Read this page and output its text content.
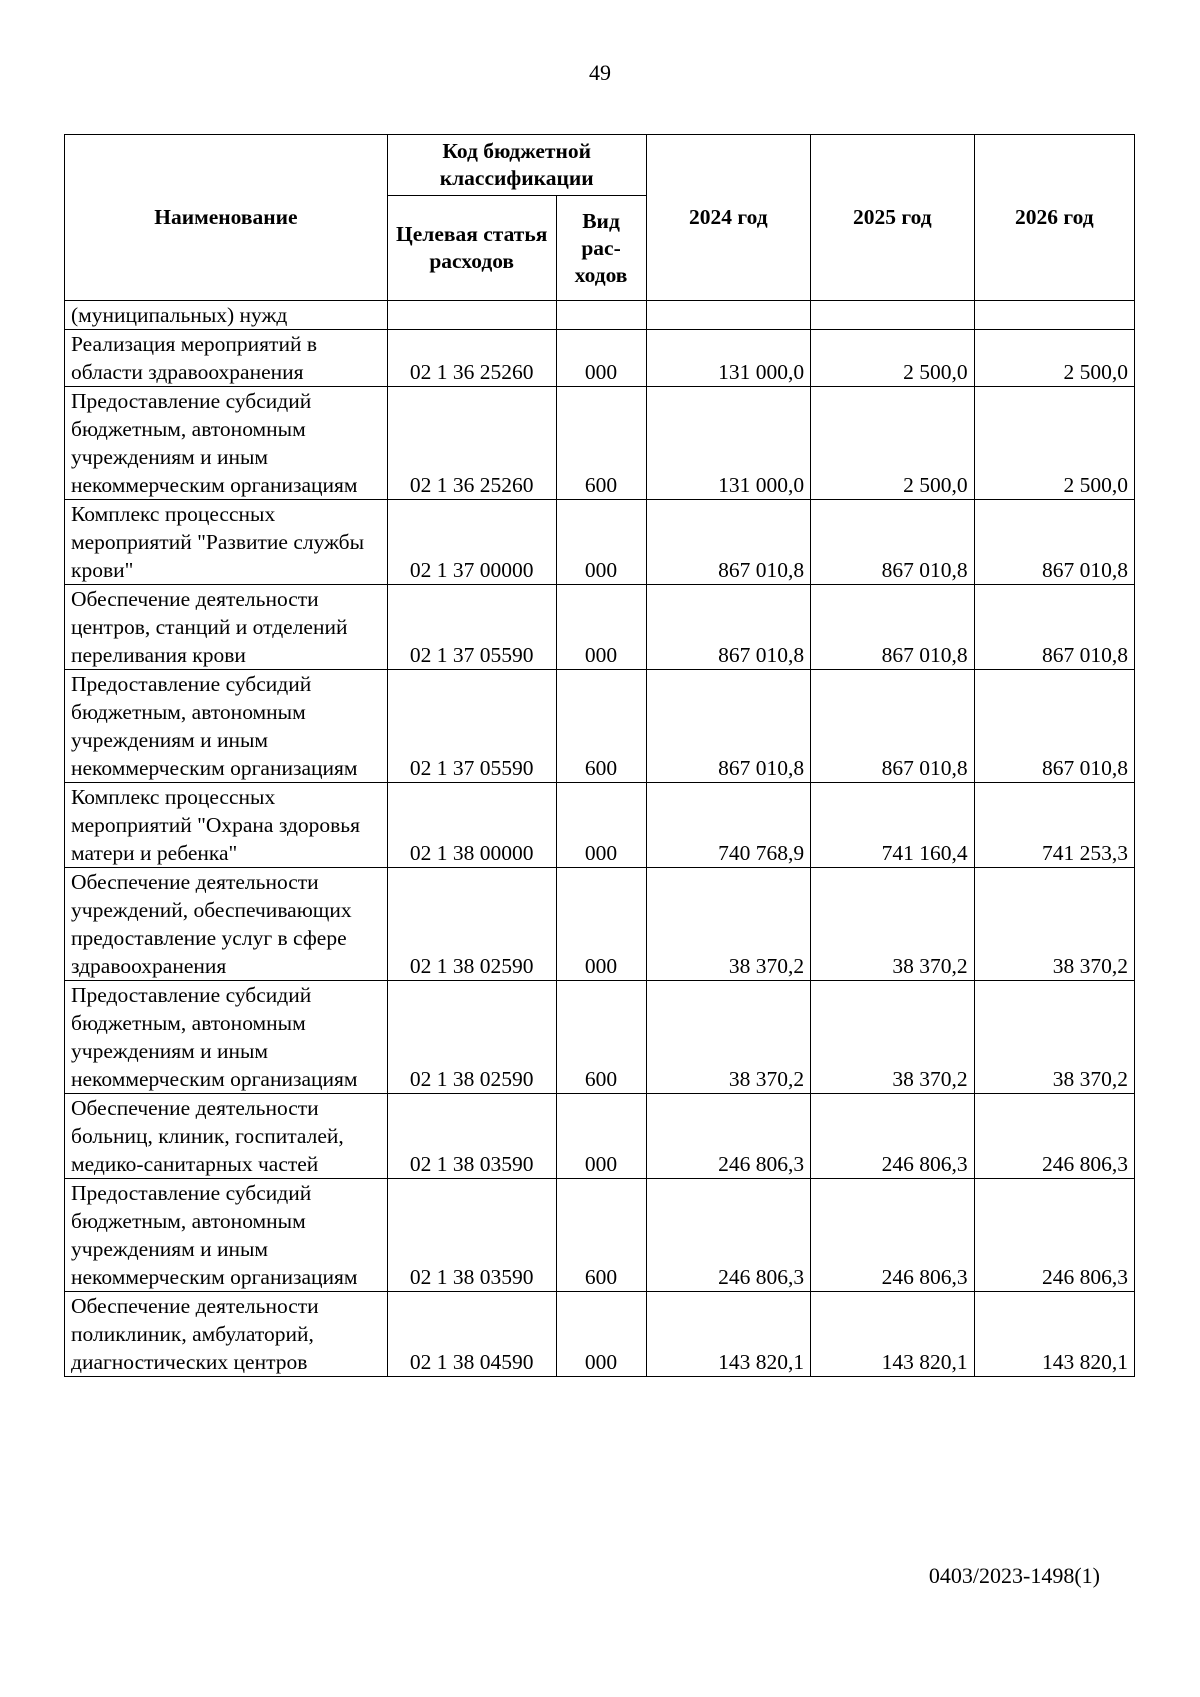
49
Наименование	Код бюджетной классификации		2024 год	2025 год	2026 год
	Целевая статья расходов	Вид рас-ходов			
(муниципальных) нужд					
Реализация мероприятий в области здравоохранения	02 1 36 25260	000	131 000,0	2 500,0	2 500,0
Предоставление субсидий бюджетным, автономным учреждениям и иным некоммерческим организациям	02 1 36 25260	600	131 000,0	2 500,0	2 500,0
Комплекс процессных мероприятий "Развитие службы крови"	02 1 37 00000	000	867 010,8	867 010,8	867 010,8
Обеспечение деятельности центров, станций и отделений переливания крови	02 1 37 05590	000	867 010,8	867 010,8	867 010,8
Предоставление субсидий бюджетным, автономным учреждениям и иным некоммерческим организациям	02 1 37 05590	600	867 010,8	867 010,8	867 010,8
Комплекс процессных мероприятий "Охрана здоровья матери и ребенка"	02 1 38 00000	000	740 768,9	741 160,4	741 253,3
Обеспечение деятельности учреждений, обеспечивающих предоставление услуг в сфере здравоохранения	02 1 38 02590	000	38 370,2	38 370,2	38 370,2
Предоставление субсидий бюджетным, автономным учреждениям и иным некоммерческим организациям	02 1 38 02590	600	38 370,2	38 370,2	38 370,2
Обеспечение деятельности больниц, клиник, госпиталей, медико-санитарных частей	02 1 38 03590	000	246 806,3	246 806,3	246 806,3
Предоставление субсидий бюджетным, автономным учреждениям и иным некоммерческим организациям	02 1 38 03590	600	246 806,3	246 806,3	246 806,3
Обеспечение деятельности поликлиник, амбулаторий, диагностических центров	02 1 38 04590	000	143 820,1	143 820,1	143 820,1
0403/2023-1498(1)
